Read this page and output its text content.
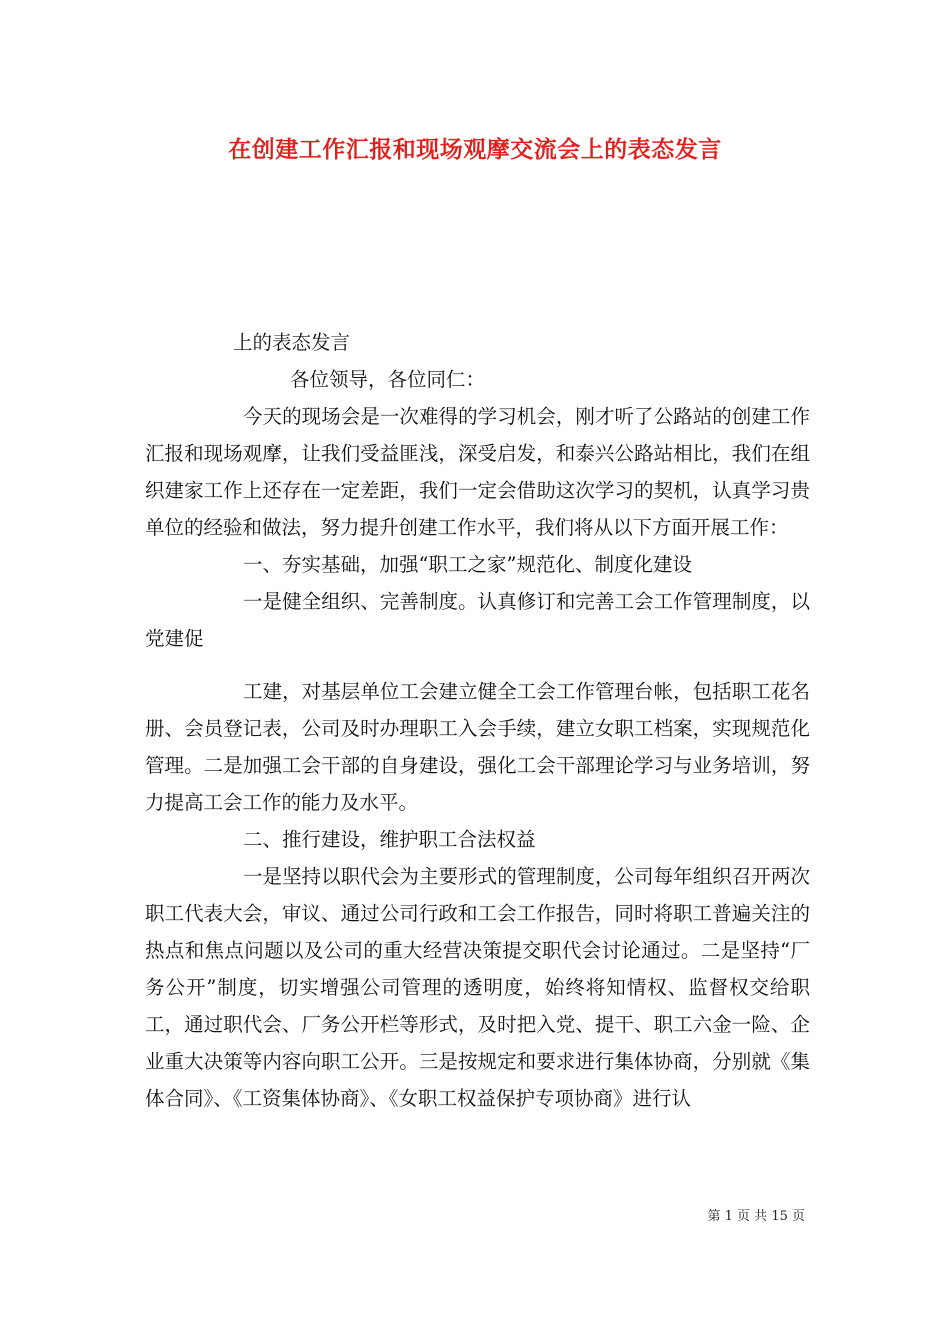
在创建工作汇报和现场观摩交流会上的表态发言

上的表态发言

各位领导，各位同仁：

今天的现场会是一次难得的学习机会，刚才听了公路站的创建工作汇报和现场观摩，让我们受益匪浅，深受启发，和泰兴公路站相比，我们在组织建家工作上还存在一定差距，我们一定会借助这次学习的契机，认真学习贵单位的经验和做法，努力提升创建工作水平，我们将从以下方面开展工作：

一、夯实基础，加强“职工之家”规范化、制度化建设

一是健全组织、完善制度。认真修订和完善工会工作管理制度，以党建促

工建，对基层单位工会建立健全工会工作管理台帐，包括职工花名册、会员登记表，公司及时办理职工入会手续，建立女职工档案，实现规范化管理。二是加强工会干部的自身建设，强化工会干部理论学习与业务培训，努力提高工会工作的能力及水平。

二、推行建设，维护职工合法权益

一是坚持以职代会为主要形式的管理制度，公司每年组织召开两次职工代表大会，审议、通过公司行政和工会工作报告，同时将职工普遍关注的热点和焦点问题以及公司的重大经营决策提交职代会讨论通过。二是坚持“厂务公开”制度，切实增强公司管理的透明度，始终将知情权、监督权交给职工，通过职代会、厂务公开栏等形式，及时把入党、提干、职工六金一险、企业重大决策等内容向职工公开。三是按规定和要求进行集体协商，分别就《集体合同》、《工资集体协商》、《女职工权益保护专项协商》进行认

第 1 页 共 15 页
